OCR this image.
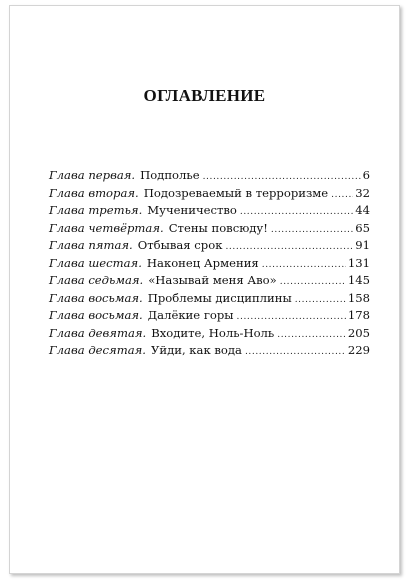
ОГЛАВЛЕНИЕ
Глава первая. Подполье .....	6
Глава вторая. Подозреваемый в терроризме ..... 32
Глава третья. Мученичество .....	44
Глава четвёртая. Стены повсюду! .....	65
Глава пятая. Отбывая срок .....	91
Глава шестая. Наконец Армения .....	131
Глава седьмая. «Называй меня Аво» .....	145
Глава восьмая. Проблемы дисциплины .....	158
Глава восьмая. Далёкие горы .....	178
Глава девятая. Входите, Ноль-Ноль .....	205
Глава десятая. Уйди, как вода .....	229
